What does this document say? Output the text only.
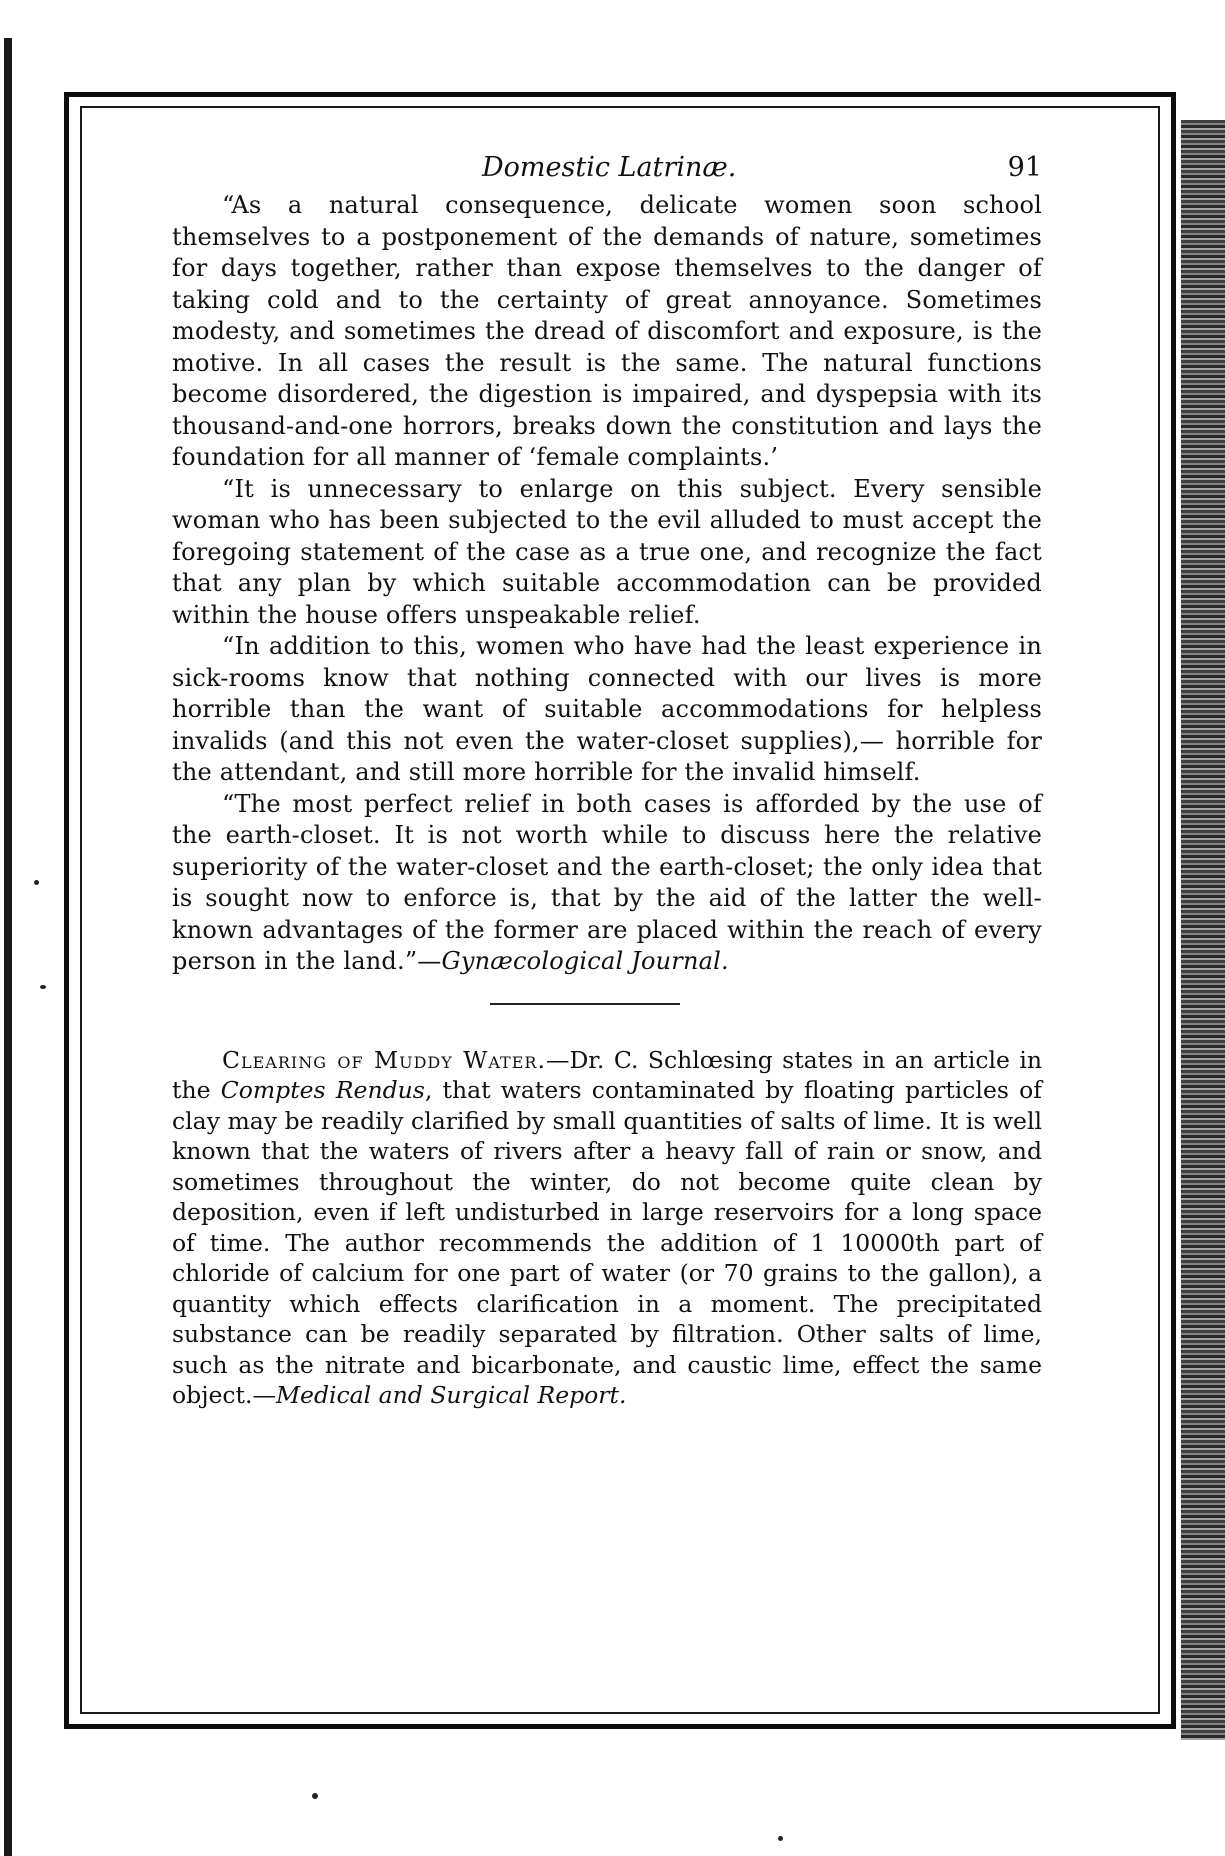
Domestic Latrinæ.	91

“As a natural consequence, delicate women soon school themselves to a postponement of the demands of nature, sometimes for days together, rather than expose themselves to the danger of taking cold and to the certainty of great annoyance. Sometimes modesty, and sometimes the dread of discomfort and exposure, is the motive. In all cases the result is the same. The natural functions become disordered, the digestion is impaired, and dyspepsia with its thousand-and-one horrors, breaks down the constitution and lays the foundation for all manner of ‘female complaints.’

“It is unnecessary to enlarge on this subject. Every sensible woman who has been subjected to the evil alluded to must accept the foregoing statement of the case as a true one, and recognize the fact that any plan by which suitable accommodation can be provided within the house offers unspeakable relief.

“In addition to this, women who have had the least experience in sick-rooms know that nothing connected with our lives is more horrible than the want of suitable accommodations for helpless invalids (and this not even the water-closet supplies),— horrible for the attendant, and still more horrible for the invalid himself.

“The most perfect relief in both cases is afforded by the use of the earth-closet. It is not worth while to discuss here the relative superiority of the water-closet and the earth-closet; the only idea that is sought now to enforce is, that by the aid of the latter the well-known advantages of the former are placed within the reach of every person in the land.”—Gynæcological Journal.

Clearing of Muddy Water.—Dr. C. Schlœsing states in an article in the Comptes Rendus, that waters contaminated by floating particles of clay may be readily clarified by small quantities of salts of lime. It is well known that the waters of rivers after a heavy fall of rain or snow, and sometimes throughout the winter, do not become quite clean by deposition, even if left undisturbed in large reservoirs for a long space of time. The author recommends the addition of 1 10000th part of chloride of calcium for one part of water (or 70 grains to the gallon), a quantity which effects clarification in a moment. The precipitated substance can be readily separated by filtration. Other salts of lime, such as the nitrate and bicarbonate, and caustic lime, effect the same object.—Medical and Surgical Report.
